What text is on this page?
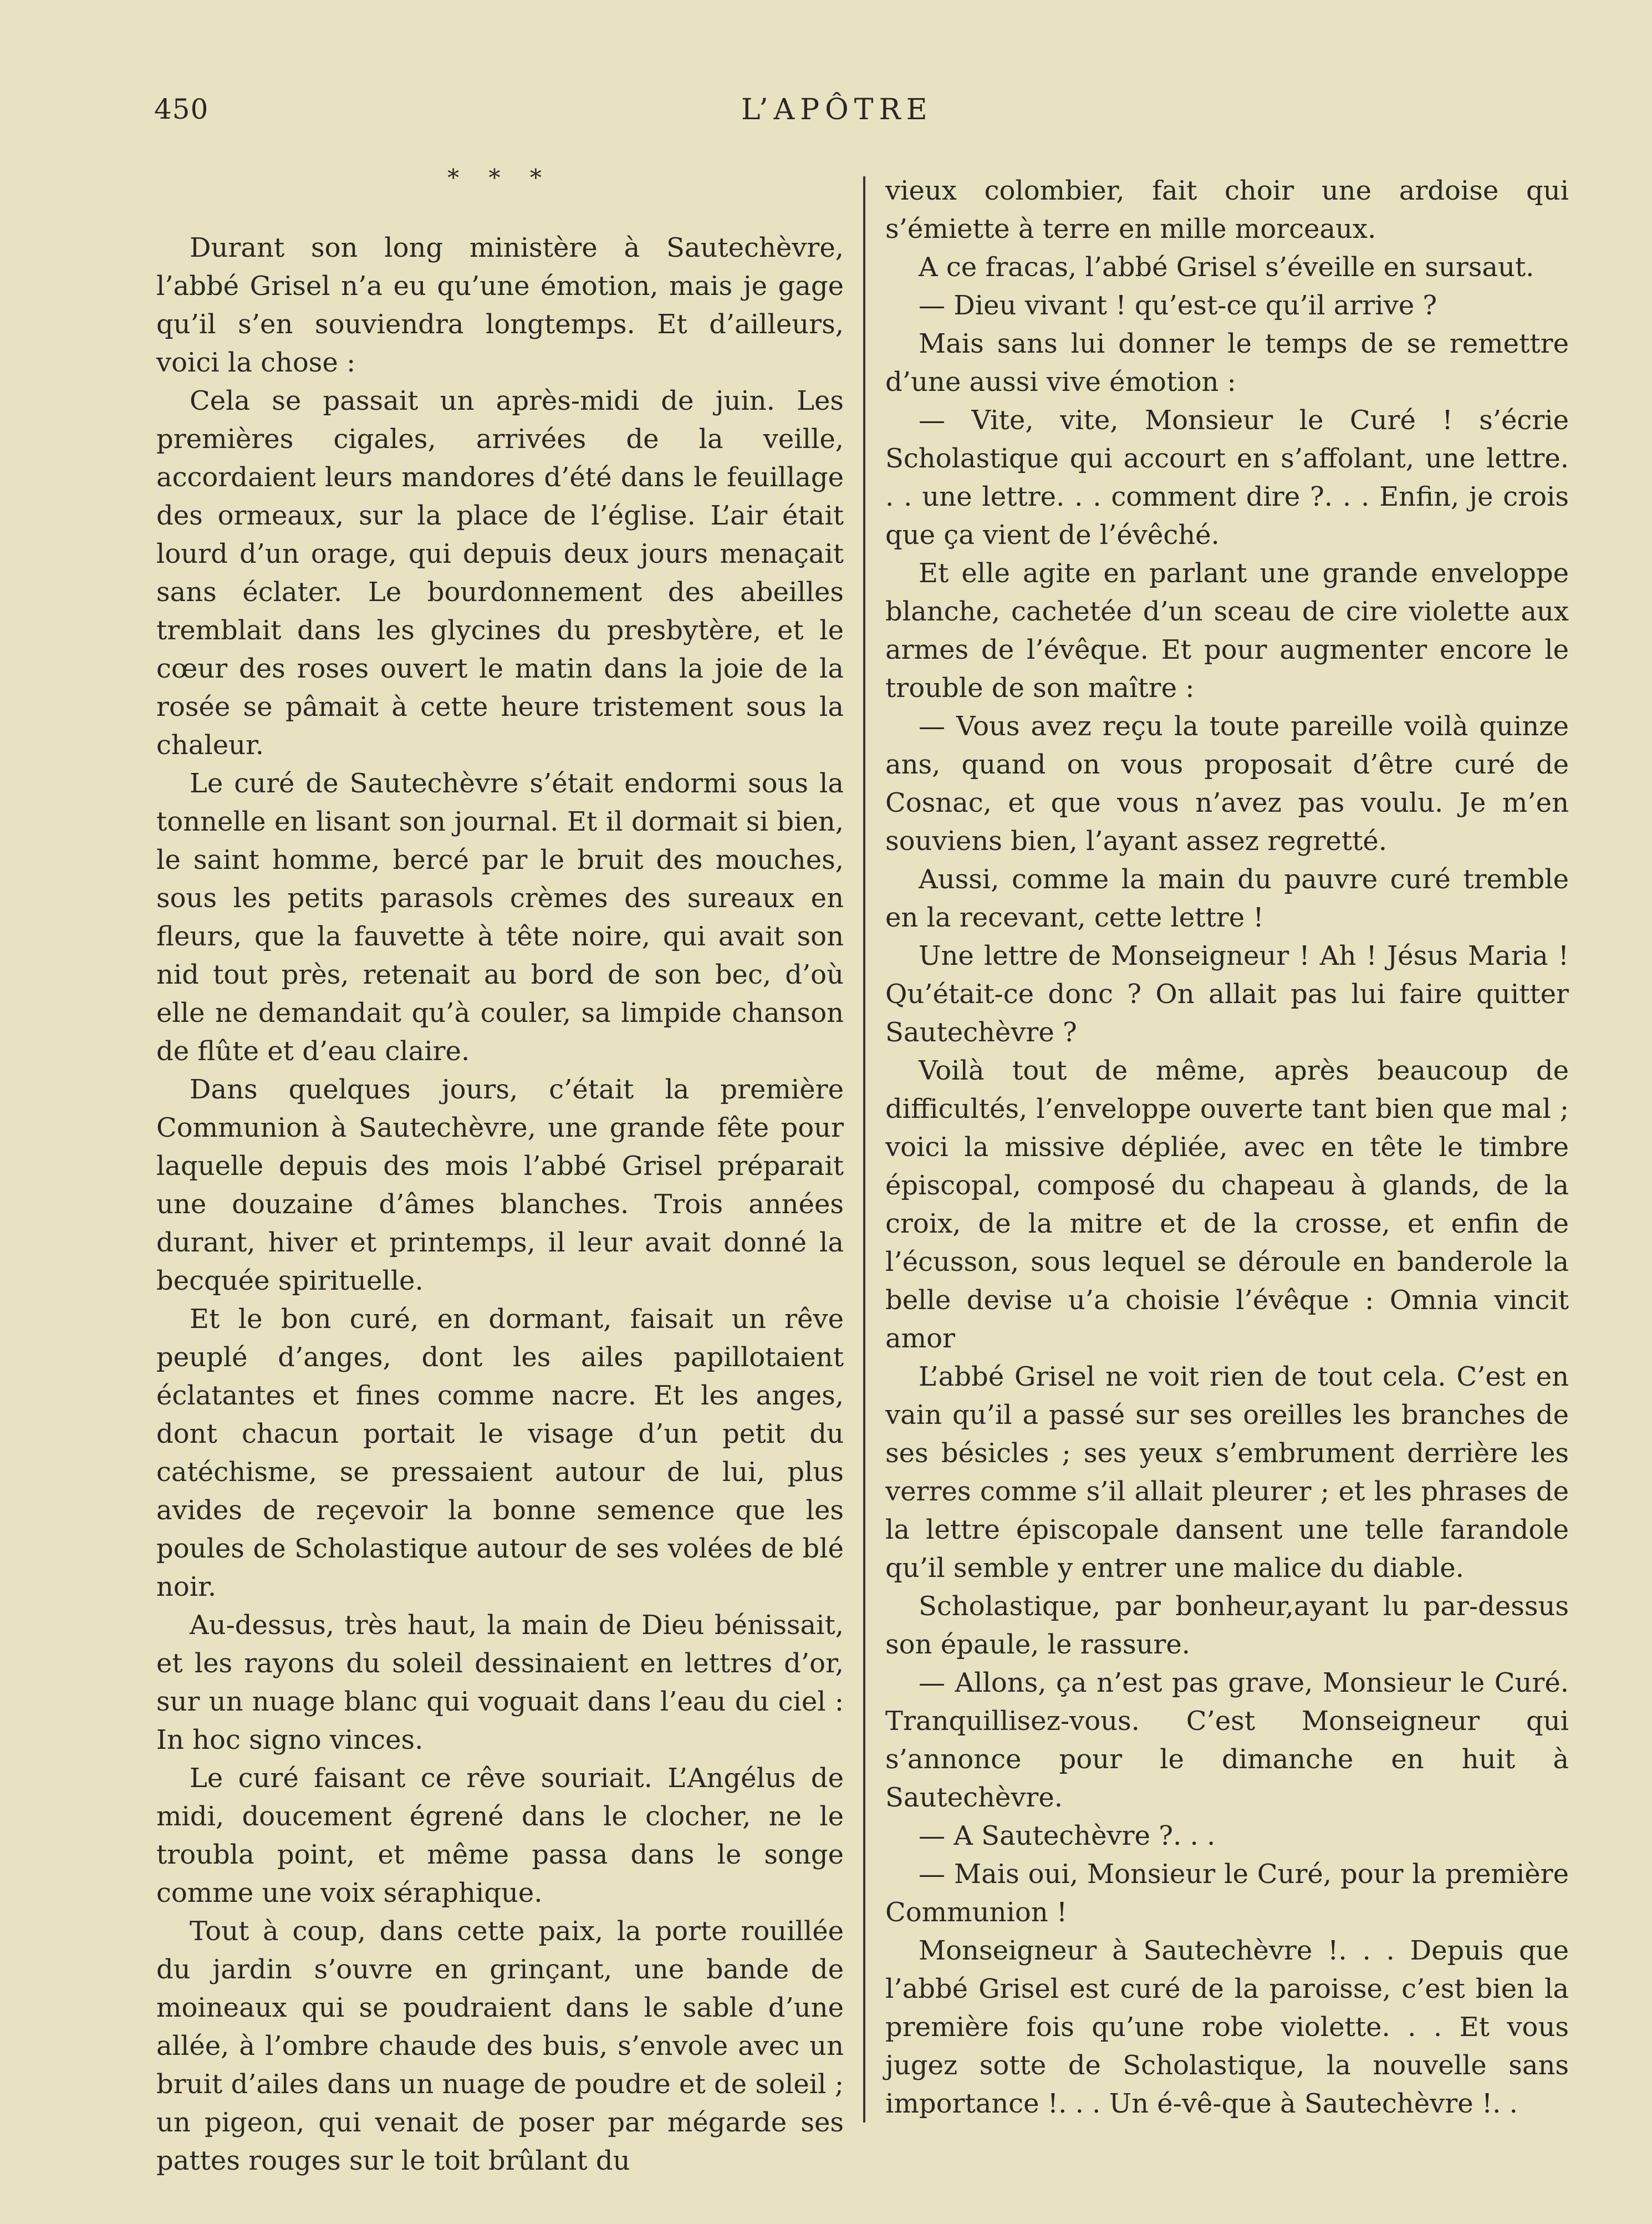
450	L’APÔTRE
* * *

Durant son long ministère à Sautechèvre, l’abbé Grisel n’a eu qu’une émotion, mais je gage qu’il s’en souviendra longtemps. Et d’ailleurs, voici la chose :

Cela se passait un après-midi de juin. Les premières cigales, arrivées de la veille, accordaient leurs mandores d’été dans le feuillage des ormeaux, sur la place de l’église. L’air était lourd d’un orage, qui depuis deux jours menaçait sans éclater. Le bourdonnement des abeilles tremblait dans les glycines du presbytère, et le cœur des roses ouvert le matin dans la joie de la rosée se pâmait à cette heure tristement sous la chaleur.

Le curé de Sautechèvre s’était endormi sous la tonnelle en lisant son journal. Et il dormait si bien, le saint homme, bercé par le bruit des mouches, sous les petits parasols crèmes des sureaux en fleurs, que la fauvette à tête noire, qui avait son nid tout près, retenait au bord de son bec, d’où elle ne demandait qu’à couler, sa limpide chanson de flûte et d’eau claire.

Dans quelques jours, c’était la première Communion à Sautechèvre, une grande fête pour laquelle depuis des mois l’abbé Grisel préparait une douzaine d’âmes blanches. Trois années durant, hiver et printemps, il leur avait donné la becquée spirituelle.

Et le bon curé, en dormant, faisait un rêve peuplé d’anges, dont les ailes papillotaient éclatantes et fines comme nacre. Et les anges, dont chacun portait le visage d’un petit du catéchisme, se pressaient autour de lui, plus avides de reçevoir la bonne semence que les poules de Scholastique autour de ses volées de blé noir.

Au-dessus, très haut, la main de Dieu bénissait, et les rayons du soleil dessinaient en lettres d’or, sur un nuage blanc qui voguait dans l’eau du ciel : In hoc signo vinces.

Le curé faisant ce rêve souriait. L’Angélus de midi, doucement égrené dans le clocher, ne le troubla point, et même passa dans le songe comme une voix séraphique.

Tout à coup, dans cette paix, la porte rouillée du jardin s’ouvre en grinçant, une bande de moineaux qui se poudraient dans le sable d’une allée, à l’ombre chaude des buis, s’envole avec un bruit d’ailes dans un nuage de poudre et de soleil ; un pigeon, qui venait de poser par mégarde ses pattes rouges sur le toit brûlant du

vieux colombier, fait choir une ardoise qui s’émiette à terre en mille morceaux.

A ce fracas, l’abbé Grisel s’éveille en sursaut.

— Dieu vivant ! qu’est-ce qu’il arrive ?

Mais sans lui donner le temps de se remettre d’une aussi vive émotion :

— Vite, vite, Monsieur le Curé ! s’écrie Scholastique qui accourt en s’affolant, une lettre. . . une lettre. . . comment dire ?. . . Enfin, je crois que ça vient de l’évêché.

Et elle agite en parlant une grande enveloppe blanche, cachetée d’un sceau de cire violette aux armes de l’évêque. Et pour augmenter encore le trouble de son maître :

— Vous avez reçu la toute pareille voilà quinze ans, quand on vous proposait d’être curé de Cosnac, et que vous n’avez pas voulu. Je m’en souviens bien, l’ayant assez regretté.

Aussi, comme la main du pauvre curé tremble en la recevant, cette lettre !

Une lettre de Monseigneur ! Ah ! Jésus Maria ! Qu’était-ce donc ? On allait pas lui faire quitter Sautechèvre ?

Voilà tout de même, après beaucoup de difficultés, l’enveloppe ouverte tant bien que mal ; voici la missive dépliée, avec en tête le timbre épiscopal, composé du chapeau à glands, de la croix, de la mitre et de la crosse, et enfin de l’écusson, sous lequel se déroule en banderole la belle devise u’a choisie l’évêque : Omnia vincit amor

L’abbé Grisel ne voit rien de tout cela. C’est en vain qu’il a passé sur ses oreilles les branches de ses bésicles ; ses yeux s’embrument derrière les verres comme s’il allait pleurer ; et les phrases de la lettre épiscopale dansent une telle farandole qu’il semble y entrer une malice du diable.

Scholastique, par bonheur,ayant lu par-dessus son épaule, le rassure.

— Allons, ça n’est pas grave, Monsieur le Curé. Tranquillisez-vous. C’est Monseigneur qui s’annonce pour le dimanche en huit à Sautechèvre.

— A Sautechèvre ?. . .

— Mais oui, Monsieur le Curé, pour la première Communion !

Monseigneur à Sautechèvre !. . . Depuis que l’abbé Grisel est curé de la paroisse, c’est bien la première fois qu’une robe violette. . . Et vous jugez sotte de Scholastique, la nouvelle sans importance !. . . Un é-vê-que à Sautechèvre !. .
